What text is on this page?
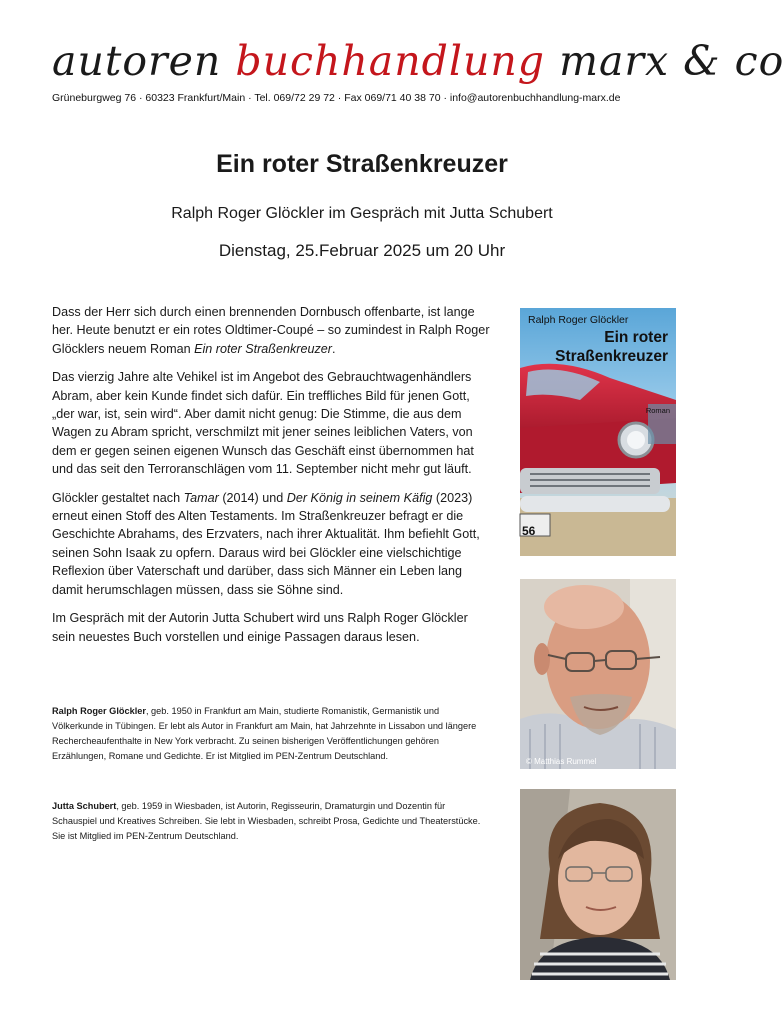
autoren buchhandlung marx & co
Grüneburgweg 76 · 60323 Frankfurt/Main · Tel. 069/72 29 72 · Fax 069/71 40 38 70 · info@autorenbuchhandlung-marx.de
Ein roter Straßenkreuzer
Ralph Roger Glöckler im Gespräch mit Jutta Schubert
Dienstag, 25.Februar 2025 um 20 Uhr

Dass der Herr sich durch einen brennenden Dornbusch offenbarte, ist lange her. Heute benutzt er ein rotes Oldtimer-Coupé – so zumindest in Ralph Roger Glöcklers neuem Roman Ein roter Straßenkreuzer.

Das vierzig Jahre alte Vehikel ist im Angebot des Gebrauchtwagenhändlers Abram, aber kein Kunde findet sich dafür. Ein treffliches Bild für jenen Gott, „der war, ist, sein wird“. Aber damit nicht genug: Die Stimme, die aus dem Wagen zu Abram spricht, verschmilzt mit jener seines leiblichen Vaters, von dem er gegen seinen eigenen Wunsch das Geschäft einst übernommen hat und das seit den Terroranschlägen vom 11. September nicht mehr gut läuft.

Glöckler gestaltet nach Tamar (2014) und Der König in seinem Käfig (2023) erneut einen Stoff des Alten Testaments. Im Straßenkreuzer befragt er die Geschichte Abrahams, des Erzvaters, nach ihrer Aktualität. Ihm befiehlt Gott, seinen Sohn Isaak zu opfern. Daraus wird bei Glöckler eine vielschichtige Reflexion über Vaterschaft und darüber, dass sich Männer ein Leben lang damit herumschlagen müssen, dass sie Söhne sind.

Im Gespräch mit der Autorin Jutta Schubert wird uns Ralph Roger Glöckler sein neuestes Buch vorstellen und einige Passagen daraus lesen.

Ralph Roger Glöckler, geb. 1950 in Frankfurt am Main, studierte Romanistik, Germanistik und Völkerkunde in Tübingen. Er lebt als Autor in Frankfurt am Main, hat Jahrzehnte in Lissabon und längere Rechercheaufenthalte in New York verbracht. Zu seinen bisherigen Veröffentlichungen gehören Erzählungen, Romane und Gedichte. Er ist Mitglied im PEN-Zentrum Deutschland.
Jutta Schubert, geb. 1959 in Wiesbaden, ist Autorin, Regisseurin, Dramaturgin und Dozentin für Schauspiel und Kreatives Schreiben. Sie lebt in Wiesbaden, schreibt Prosa, Gedichte und Theaterstücke. Sie ist Mitglied im PEN-Zentrum Deutschland.
Ralph Roger Glöckler
Ein roter
Straßenkreuzer
Roman
56
© Matthias Rummel
